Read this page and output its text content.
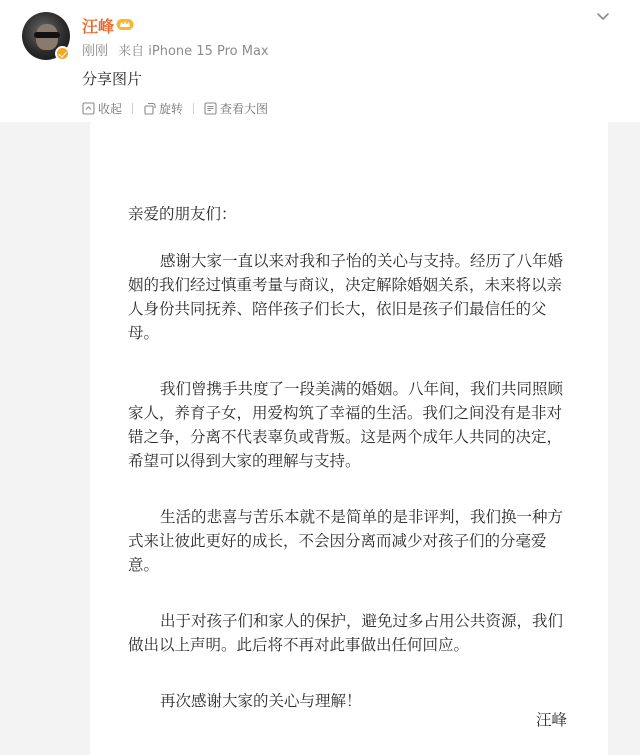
汪峰
刚刚 来自 iPhone 15 Pro Max
分享图片
收起	旋转	查看大图

亲爱的朋友们：

感谢大家一直以来对我和子怡的关心与支持。经历了八年婚姻的我们经过慎重考量与商议，决定解除婚姻关系，未来将以亲人身份共同抚养、陪伴孩子们长大，依旧是孩子们最信任的父母。

我们曾携手共度了一段美满的婚姻。八年间，我们共同照顾家人，养育子女，用爱构筑了幸福的生活。我们之间没有是非对错之争，分离不代表辜负或背叛。这是两个成年人共同的决定，希望可以得到大家的理解与支持。

生活的悲喜与苦乐本就不是简单的是非评判，我们换一种方式来让彼此更好的成长，不会因分离而减少对孩子们的分毫爱意。

出于对孩子们和家人的保护，避免过多占用公共资源，我们做出以上声明。此后将不再对此事做出任何回应。

再次感谢大家的关心与理解！

汪峰
